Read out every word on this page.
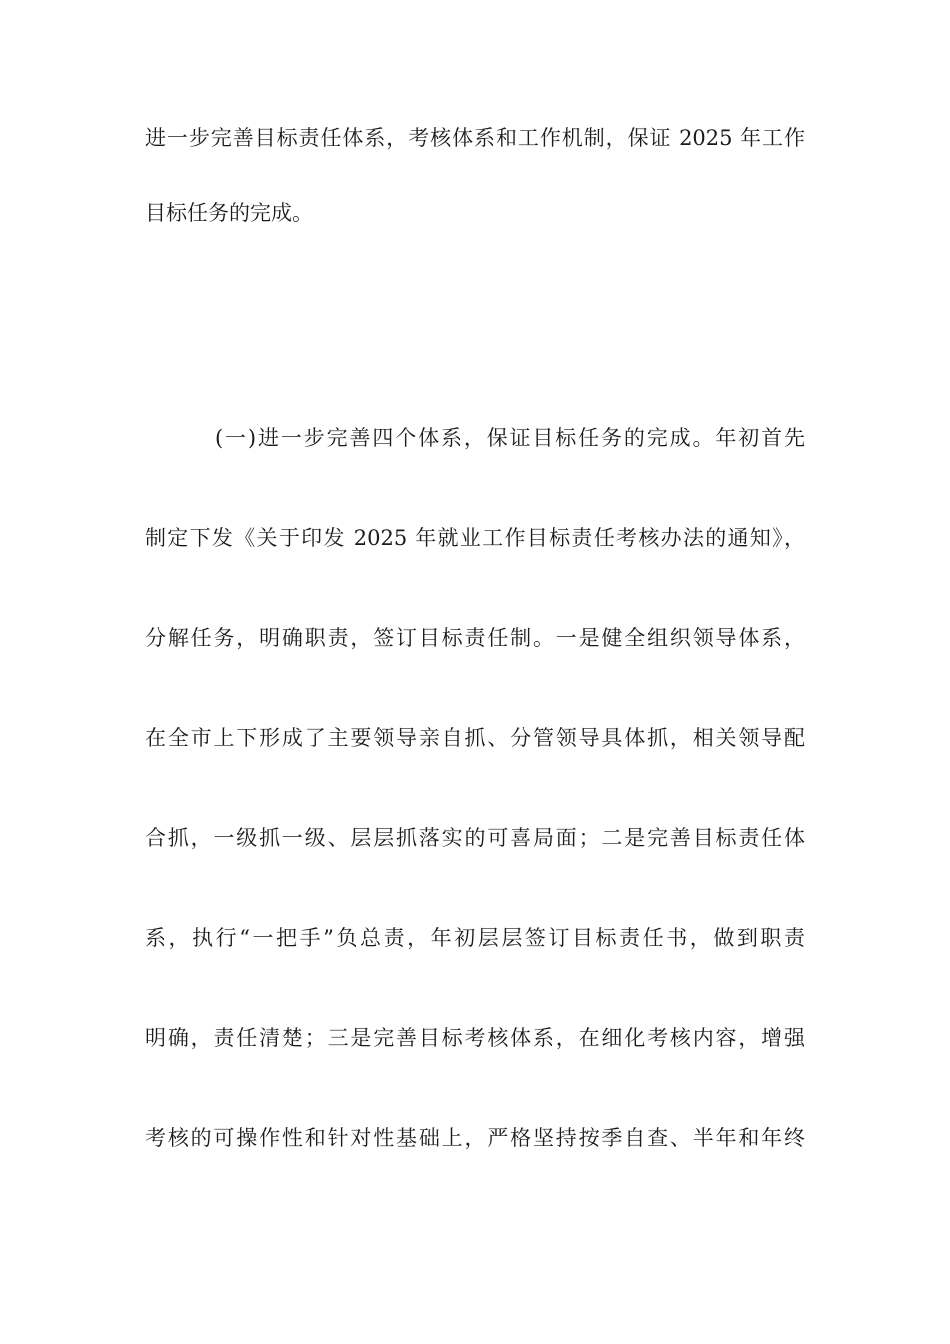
进一步完善目标责任体系，考核体系和工作机制，保证 2025 年工作
目标任务的完成。
(一)进一步完善四个体系，保证目标任务的完成。年初首先
制定下发《关于印发 2025 年就业工作目标责任考核办法的通知》，
分解任务，明确职责，签订目标责任制。一是健全组织领导体系，
在全市上下形成了主要领导亲自抓、分管领导具体抓，相关领导配
合抓，一级抓一级、层层抓落实的可喜局面；二是完善目标责任体
系，执行“一把手”负总责，年初层层签订目标责任书，做到职责
明确，责任清楚；三是完善目标考核体系，在细化考核内容，增强
考核的可操作性和针对性基础上，严格坚持按季自查、半年和年终
